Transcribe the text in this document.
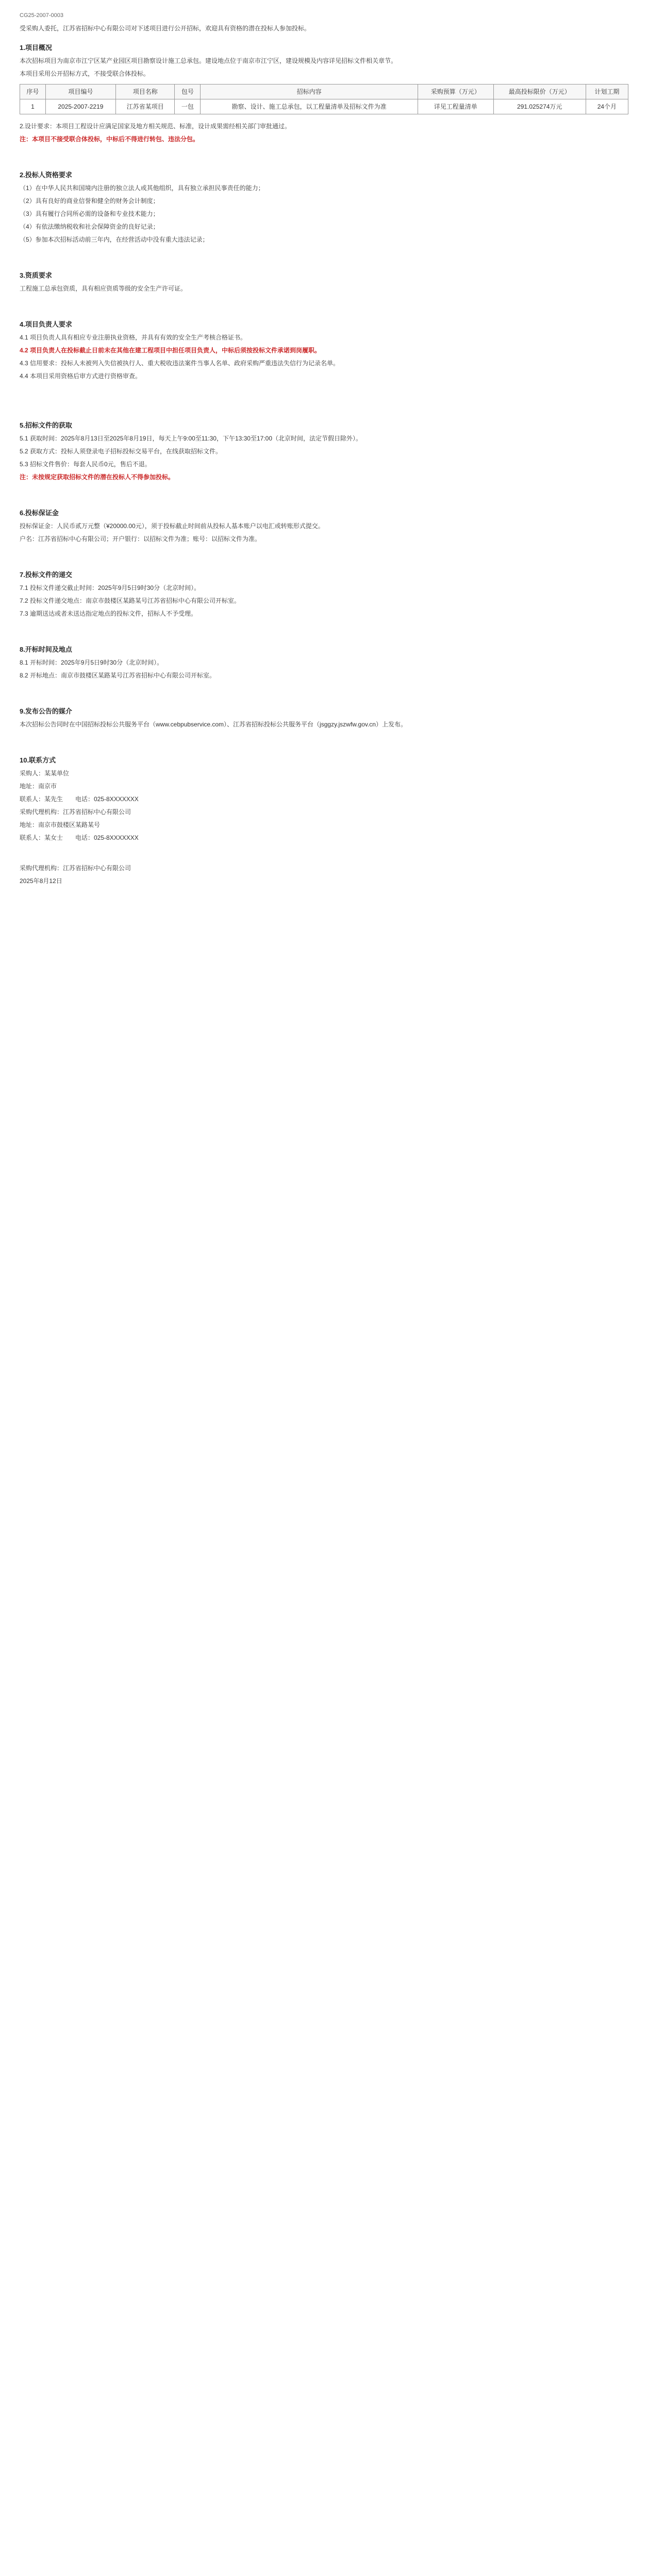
CG25-2007-0003

受采购人委托，江苏省招标中心有限公司对下述项目进行公开招标，欢迎具有资格的潜在投标人参加投标。

1.项目概况

本次招标项目为南京市江宁区某产业园区项目勘察设计施工总承包。建设地点位于南京市江宁区，建设规模及内容详见招标文件相关章节。

本项目采用公开招标方式，不接受联合体投标。

序号	项目编号	项目名称	包号	招标内容	采购预算（万元）	最高投标限价（万元）	计划工期
1	2025-2007-2219	江苏省某项目	一包	勘察、设计、施工总承包，以工程量清单及招标文件为准	详见工程量清单	291.025274万元	24个月

2.设计要求：本项目工程设计应满足国家及地方相关规范、标准，设计成果需经相关部门审批通过。

注：本项目不接受联合体投标，中标后不得进行转包、违法分包。

2.投标人资格要求

（1）在中华人民共和国境内注册的独立法人或其他组织，具有独立承担民事责任的能力；

（2）具有良好的商业信誉和健全的财务会计制度；

（3）具有履行合同所必需的设备和专业技术能力；

（4）有依法缴纳税收和社会保障资金的良好记录；

（5）参加本次招标活动前三年内，在经营活动中没有重大违法记录；

3.资质要求

工程施工总承包资质，具有相应资质等级的安全生产许可证。

4.项目负责人要求

4.1 项目负责人具有相应专业注册执业资格，并具有有效的安全生产考核合格证书。

4.2 项目负责人在投标截止日前未在其他在建工程项目中担任项目负责人，中标后须按投标文件承诺到岗履职。

4.3 信用要求：投标人未被列入失信被执行人、重大税收违法案件当事人名单、政府采购严重违法失信行为记录名单。

4.4 本项目采用资格后审方式进行资格审查。

5.招标文件的获取

5.1 获取时间：2025年8月13日至2025年8月19日，每天上午9:00至11:30，下午13:30至17:00（北京时间，法定节假日除外）。

5.2 获取方式：投标人须登录电子招标投标交易平台，在线获取招标文件。

5.3 招标文件售价：每套人民币0元，售后不退。

注：未按规定获取招标文件的潜在投标人不得参加投标。

6.投标保证金

投标保证金：人民币贰万元整（¥20000.00元），须于投标截止时间前从投标人基本账户以电汇或转账形式提交。

户名：江苏省招标中心有限公司；开户银行：以招标文件为准；账号：以招标文件为准。

7.投标文件的递交

7.1 投标文件递交截止时间：2025年9月5日9时30分（北京时间）。

7.2 投标文件递交地点：南京市鼓楼区某路某号江苏省招标中心有限公司开标室。

7.3 逾期送达或者未送达指定地点的投标文件，招标人不予受理。

8.开标时间及地点

8.1 开标时间：2025年9月5日9时30分（北京时间）。

8.2 开标地点：南京市鼓楼区某路某号江苏省招标中心有限公司开标室。

9.发布公告的媒介

本次招标公告同时在中国招标投标公共服务平台（www.cebpubservice.com）、江苏省招标投标公共服务平台（jsggzy.jszwfw.gov.cn）上发布。

10.联系方式

采购人：某某单位

地址：南京市

联系人：某先生　　电话：025-8XXXXXXX

采购代理机构：江苏省招标中心有限公司

地址：南京市鼓楼区某路某号

联系人：某女士　　电话：025-8XXXXXXX

采购代理机构：江苏省招标中心有限公司

2025年8月12日
